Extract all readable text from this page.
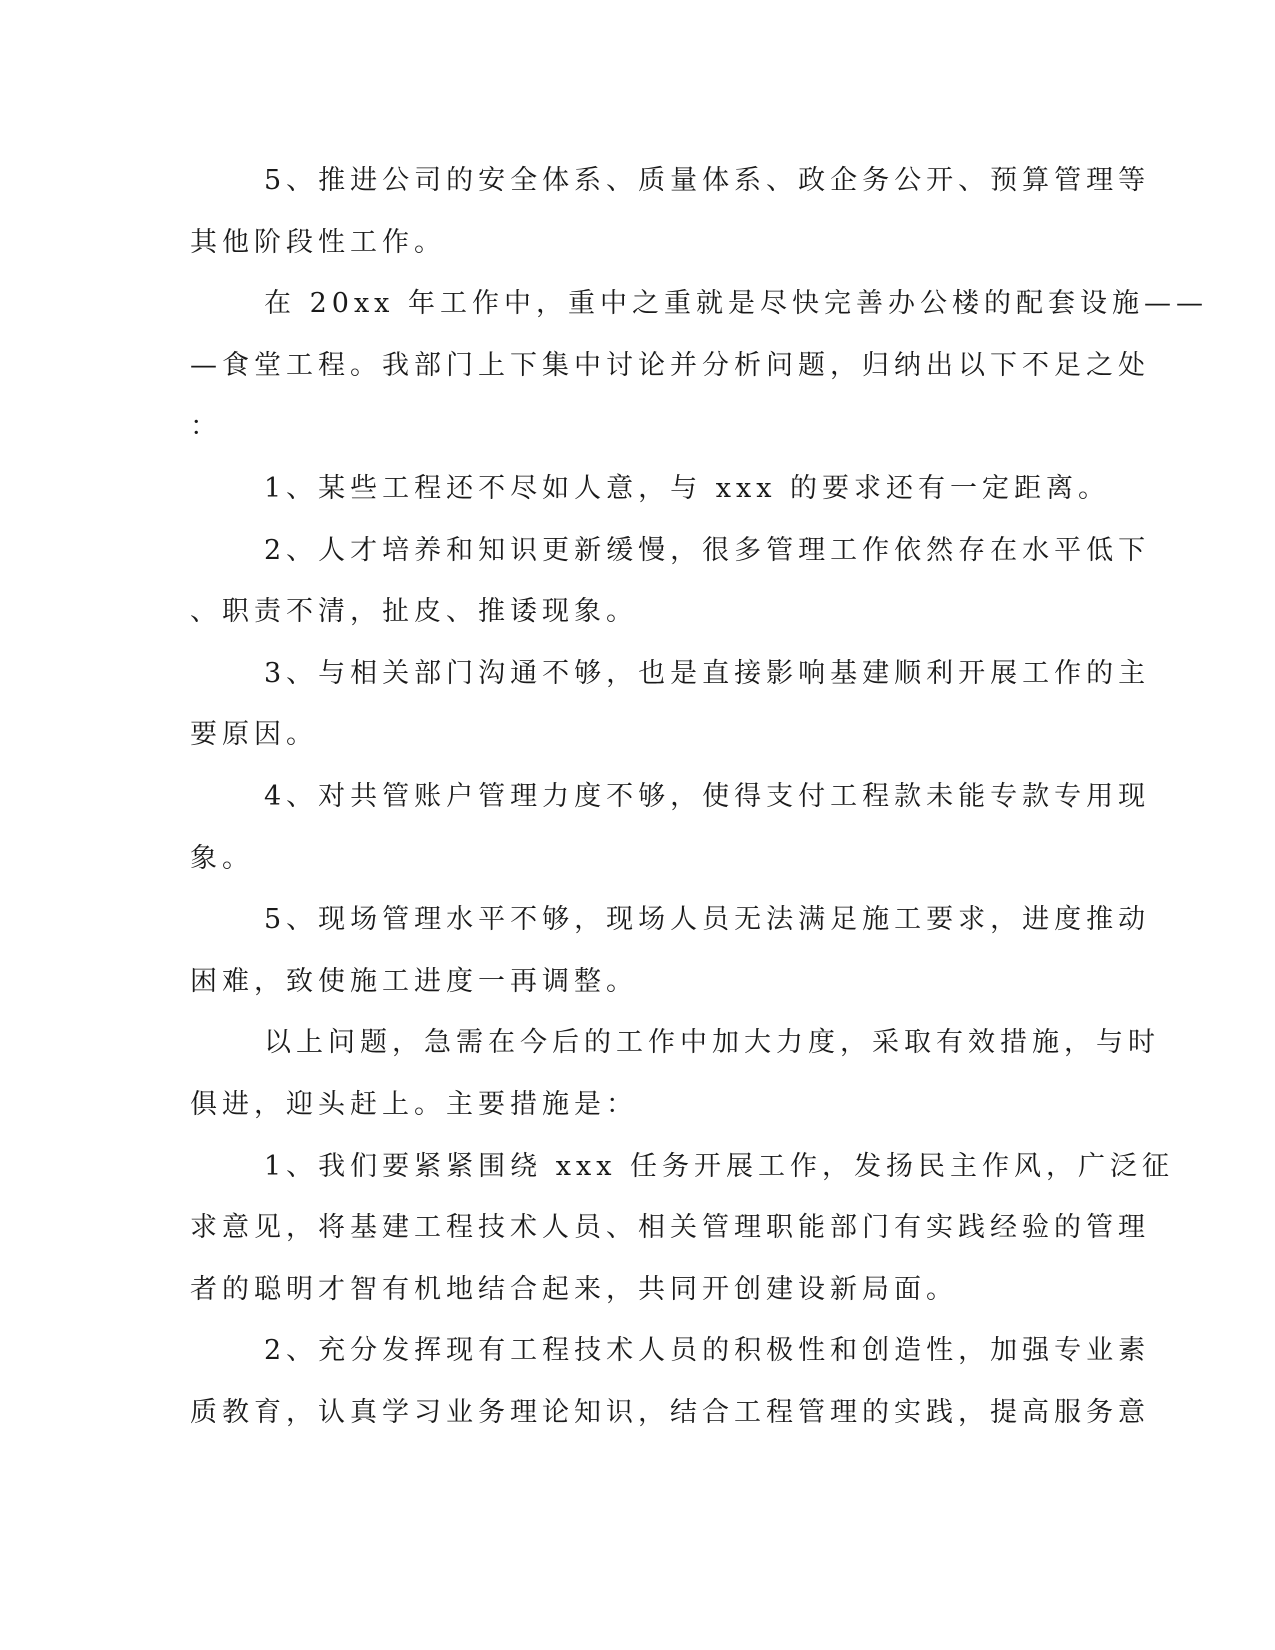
5、推进公司的安全体系、质量体系、政企务公开、预算管理等
其他阶段性工作。
在 20xx 年工作中，重中之重就是尽快完善办公楼的配套设施——
—食堂工程。我部门上下集中讨论并分析问题，归纳出以下不足之处
：
1、某些工程还不尽如人意，与 xxx 的要求还有一定距离。
2、人才培养和知识更新缓慢，很多管理工作依然存在水平低下
、职责不清，扯皮、推诿现象。
3、与相关部门沟通不够，也是直接影响基建顺利开展工作的主
要原因。
4、对共管账户管理力度不够，使得支付工程款未能专款专用现
象。
5、现场管理水平不够，现场人员无法满足施工要求，进度推动
困难，致使施工进度一再调整。
以上问题，急需在今后的工作中加大力度，采取有效措施，与时
俱进，迎头赶上。主要措施是：
1、我们要紧紧围绕 xxx 任务开展工作，发扬民主作风，广泛征
求意见，将基建工程技术人员、相关管理职能部门有实践经验的管理
者的聪明才智有机地结合起来，共同开创建设新局面。
2、充分发挥现有工程技术人员的积极性和创造性，加强专业素
质教育，认真学习业务理论知识，结合工程管理的实践，提高服务意
